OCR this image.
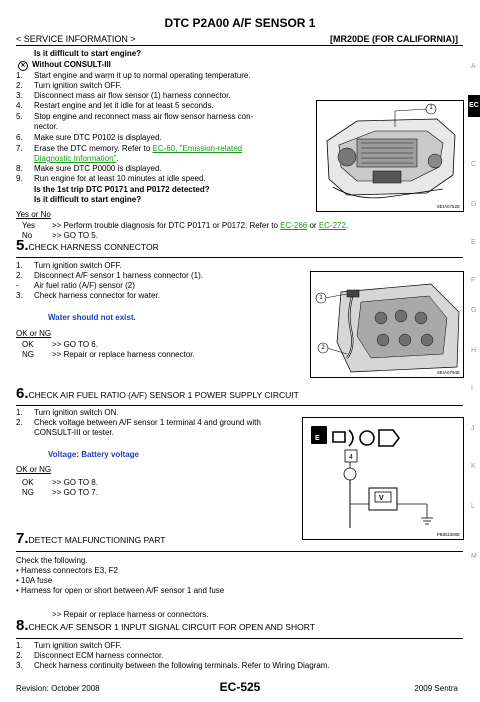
DTC P2A00 A/F SENSOR 1
< SERVICE INFORMATION >	[MR20DE (FOR CALIFORNIA)]
EC
A
C
D
E
F
G
H
I
J
K
L
M
Is it difficult to start engine?
✕ Without CONSULT-III
1. Start engine and warm it up to normal operating temperature.
2. Turn ignition switch OFF.
3. Disconnect mass air flow sensor (1) harness connector.
4. Restart engine and let it idle for at least 5 seconds.
5. Stop engine and reconnect mass air flow sensor harness con-
nector.
6. Make sure DTC P0102 is displayed.
7. Erase the DTC memory. Refer to EC-60, "Emission-related
Diagnostic Information".
8. Make sure DTC P0000 is displayed.
9. Run engine for at least 10 minutes at idle speed.
Is the 1st trip DTC P0171 and P0172 detected?
Is it difficult to start engine?
1
SEIA0752E
Yes or No
Yes >> Perform trouble diagnosis for DTC P0171 or P0172. Refer to EC-266 or EC-272.
No >> GO TO 5.
5.CHECK HARNESS CONNECTOR
1. Turn ignition switch OFF.
2. Disconnect A/F sensor 1 harness connector (1).
- Air fuel ratio (A/F) sensor (2)
3. Check harness connector for water.
Water should not exist.
OK or NG
OK >> GO TO 6.
NG >> Repair or replace harness connector.
1
2
SEIA0794E
6.CHECK AIR FUEL RATIO (A/F) SENSOR 1 POWER SUPPLY CIRCUIT
1. Turn ignition switch ON.
2. Check voltage between A/F sensor 1 terminal 4 and ground with
CONSULT-III or tester.
Voltage: Battery voltage
OK or NG
OK >> GO TO 8.
NG >> GO TO 7.
E
4
V
PBIB3308E
7.DETECT MALFUNCTIONING PART
Check the following.
• Harness connectors E3, F2
• 10A fuse
• Harness for open or short between A/F sensor 1 and fuse
>> Repair or replace harness or connectors.
8.CHECK A/F SENSOR 1 INPUT SIGNAL CIRCUIT FOR OPEN AND SHORT
1. Turn ignition switch OFF.
2. Disconnect ECM harness connector.
3. Check harness continuity between the following terminals. Refer to Wiring Diagram.
Revision: October 2008	EC-525	2009 Sentra
